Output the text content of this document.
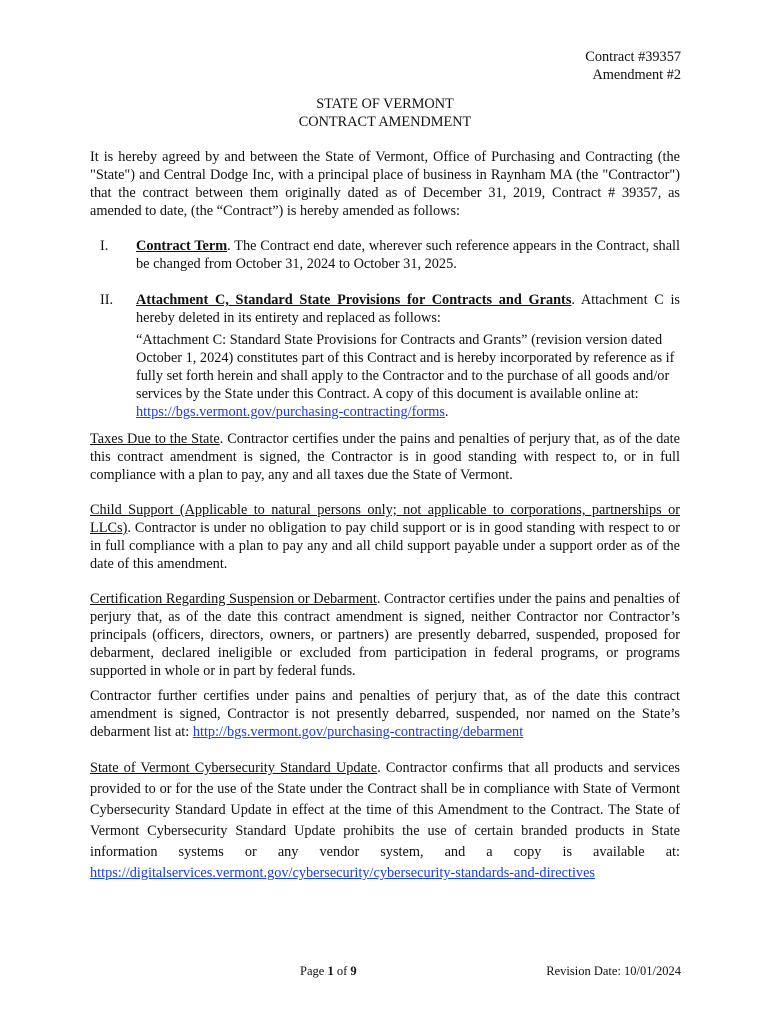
Contract #39357
Amendment #2
STATE OF VERMONT
CONTRACT AMENDMENT
It is hereby agreed by and between the State of Vermont, Office of Purchasing and Contracting (the "State") and Central Dodge Inc, with a principal place of business in Raynham MA (the "Contractor") that the contract between them originally dated as of December 31, 2019, Contract # 39357, as amended to date, (the “Contract”) is hereby amended as follows:
I.	Contract Term. The Contract end date, wherever such reference appears in the Contract, shall be changed from October 31, 2024 to October 31, 2025.
II.	Attachment C, Standard State Provisions for Contracts and Grants. Attachment C is hereby deleted in its entirety and replaced as follows:
“Attachment C: Standard State Provisions for Contracts and Grants” (revision version dated October 1, 2024) constitutes part of this Contract and is hereby incorporated by reference as if fully set forth herein and shall apply to the Contractor and to the purchase of all goods and/or services by the State under this Contract. A copy of this document is available online at: https://bgs.vermont.gov/purchasing-contracting/forms.
Taxes Due to the State. Contractor certifies under the pains and penalties of perjury that, as of the date this contract amendment is signed, the Contractor is in good standing with respect to, or in full compliance with a plan to pay, any and all taxes due the State of Vermont.
Child Support (Applicable to natural persons only; not applicable to corporations, partnerships or LLCs). Contractor is under no obligation to pay child support or is in good standing with respect to or in full compliance with a plan to pay any and all child support payable under a support order as of the date of this amendment.
Certification Regarding Suspension or Debarment. Contractor certifies under the pains and penalties of perjury that, as of the date this contract amendment is signed, neither Contractor nor Contractor’s principals (officers, directors, owners, or partners) are presently debarred, suspended, proposed for debarment, declared ineligible or excluded from participation in federal programs, or programs supported in whole or in part by federal funds.
Contractor further certifies under pains and penalties of perjury that, as of the date this contract amendment is signed, Contractor is not presently debarred, suspended, nor named on the State’s debarment list at: http://bgs.vermont.gov/purchasing-contracting/debarment
State of Vermont Cybersecurity Standard Update. Contractor confirms that all products and services provided to or for the use of the State under the Contract shall be in compliance with State of Vermont Cybersecurity Standard Update in effect at the time of this Amendment to the Contract. The State of Vermont Cybersecurity Standard Update prohibits the use of certain branded products in State information systems or any vendor system, and a copy is available at: https://digitalservices.vermont.gov/cybersecurity/cybersecurity-standards-and-directives
Page 1 of 9	Revision Date: 10/01/2024
